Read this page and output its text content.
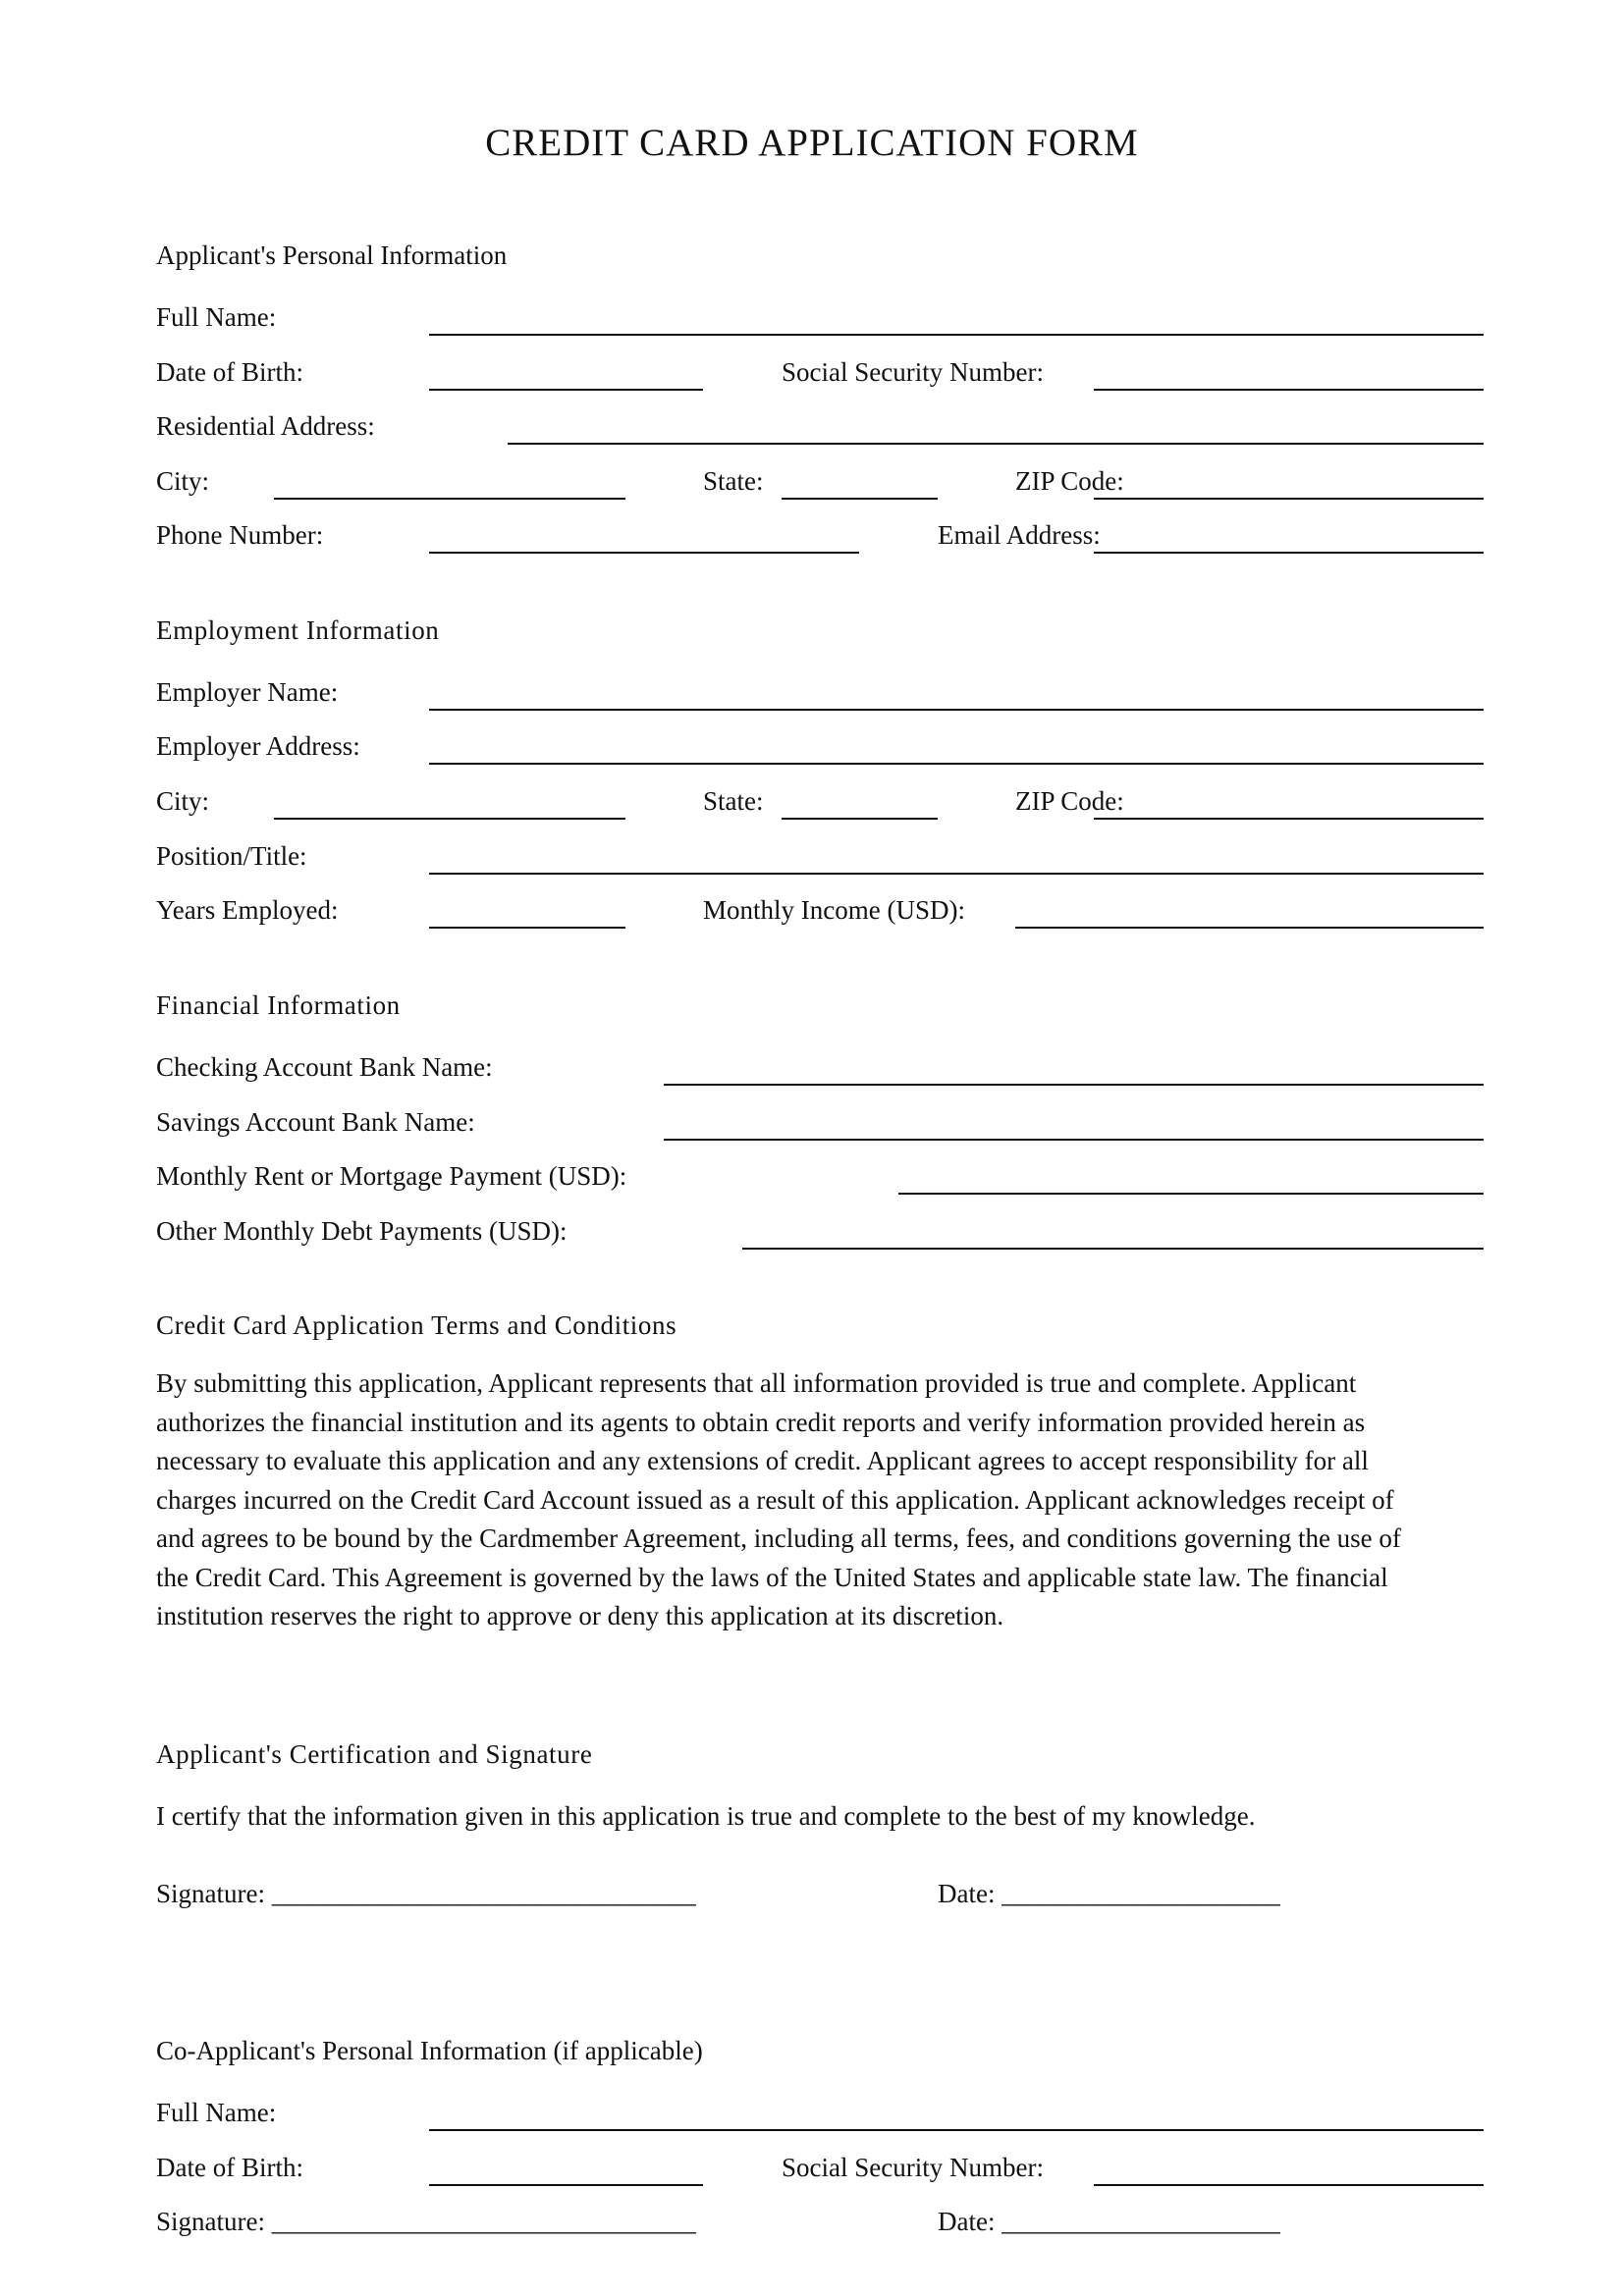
CREDIT CARD APPLICATION FORM
Applicant's Personal Information
Full Name:
Date of Birth:	Social Security Number:
Residential Address:
City:	State:	ZIP Code:
Phone Number:	Email Address:
Employment Information
Employer Name:
Employer Address:
City:	State:	ZIP Code:
Position/Title:
Years Employed:	Monthly Income (USD):
Financial Information
Checking Account Bank Name:
Savings Account Bank Name:
Monthly Rent or Mortgage Payment (USD):
Other Monthly Debt Payments (USD):
Credit Card Application Terms and Conditions
By submitting this application, Applicant represents that all information provided is true and complete. Applicant
authorizes the financial institution and its agents to obtain credit reports and verify information provided herein as
necessary to evaluate this application and any extensions of credit. Applicant agrees to accept responsibility for all
charges incurred on the Credit Card Account issued as a result of this application. Applicant acknowledges receipt of
and agrees to be bound by the Cardmember Agreement, including all terms, fees, and conditions governing the use of
the Credit Card. This Agreement is governed by the laws of the United States and applicable state law. The financial
institution reserves the right to approve or deny this application at its discretion.
Applicant's Certification and Signature
I certify that the information given in this application is true and complete to the best of my knowledge.
Signature: ________________________________	Date: _____________________
Co-Applicant's Personal Information (if applicable)
Full Name:
Date of Birth:	Social Security Number:
Signature: ________________________________	Date: _____________________
